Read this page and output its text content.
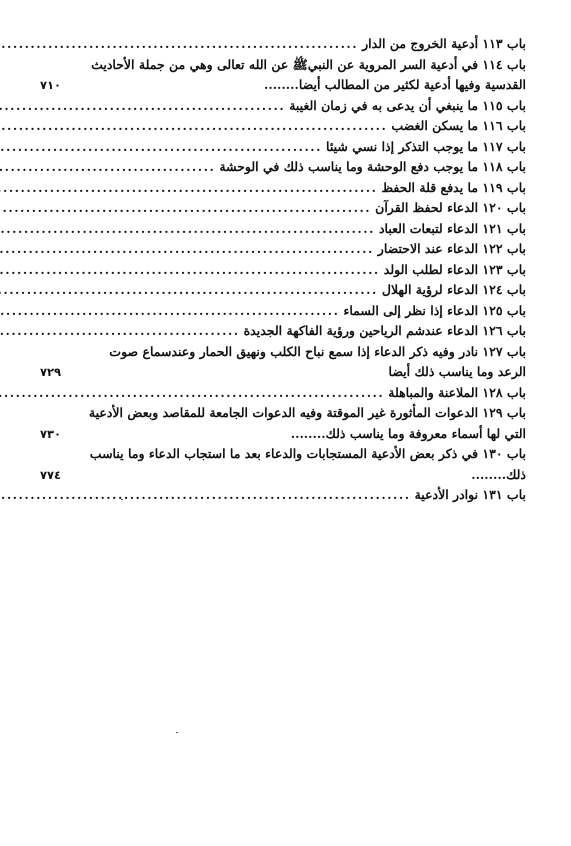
باب ١١٣ أدعية الخروج من الدار
.....
باب ١١٤ في أدعية السر المروية عن النبيﷺ عن الله تعالى وهي من جملة الأحاديث القدسية وفيها أدعية لكثير من المطالب أيضا........
٧١٠
باب ١١٥ ما ينبغي أن يدعى به في زمان الغيبة
.....
باب ١١٦ ما يسكن الغضب
.....
باب ١١٧ ما يوجب التذكر إذا نسي شيئا
.....
باب ١١٨ ما يوجب دفع الوحشة وما يناسب ذلك في الوحشة
.....
باب ١١٩ ما يدفع قلة الحفظ
.....
باب ١٢٠ الدعاء لحفظ القرآن
.....
باب ١٢١ الدعاء لتبعات العباد
.....
باب ١٢٢ الدعاء عند الاحتضار
.....
باب ١٢٣ الدعاء لطلب الولد
.....
باب ١٢٤ الدعاء لرؤية الهلال
.....
باب ١٢٥ الدعاء إذا نظر إلى السماء
.....
باب ١٢٦ الدعاء عندشم الرياحين ورؤية الفاكهة الجديدة
.....
باب ١٢٧ نادر وفيه ذكر الدعاء إذا سمع نباح الكلب ونهيق الحمار وعندسماع صوت الرعد وما يناسب ذلك أيضا
٧٢٩
باب ١٢٨ الملاعنة والمباهلة
.....
باب ١٢٩ الدعوات المأثورة غير الموقتة وفيه الدعوات الجامعة للمقاصد وبعض الأدعية التي لها أسماء معروفة وما يناسب ذلك........
٧٣٠
باب ١٣٠ في ذكر بعض الأدعية المستجابات والدعاء بعد ما استجاب الدعاء وما يناسب ذلك........
٧٧٤
باب ١٣١ نوادر الأدعية
.....
